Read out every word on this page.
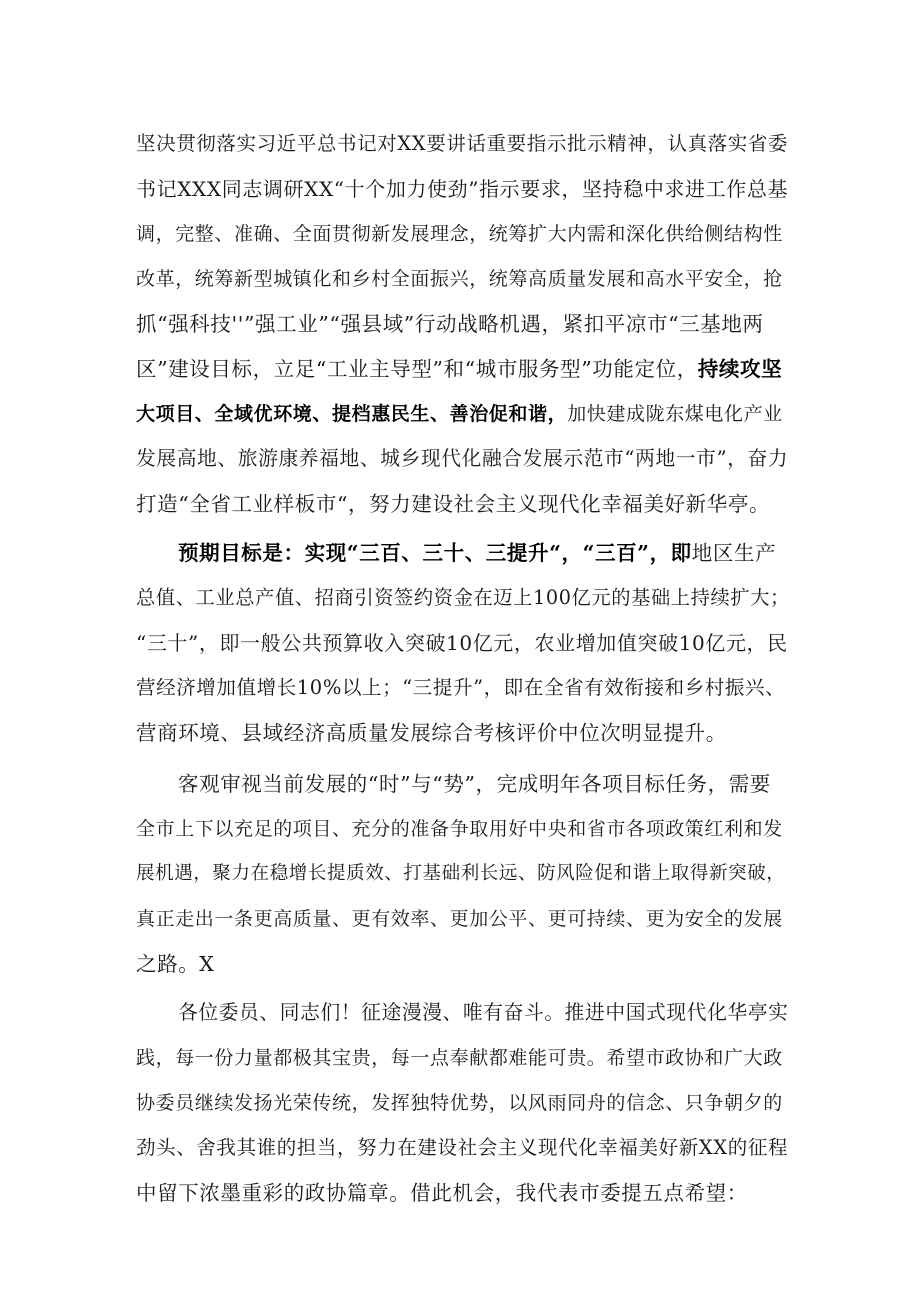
坚决贯彻落实习近平总书记对XX要讲话重要指示批示精神，认真落实省委
书记XXX同志调研XX“十个加力使劲”指示要求，坚持稳中求进工作总基
调，完整、准确、全面贯彻新发展理念，统筹扩大内需和深化供给侧结构性
改革，统筹新型城镇化和乡村全面振兴，统筹高质量发展和高水平安全，抢
抓“强科技''”强工业”“强县域”行动战略机遇，紧扣平凉市“三基地两
区”建设目标，立足“工业主导型”和“城市服务型”功能定位，持续攻坚
大项目、全域优环境、提档惠民生、善治促和谐，加快建成陇东煤电化产业
发展高地、旅游康养福地、城乡现代化融合发展示范市“两地一市”，奋力
打造“全省工业样板市“，努力建设社会主义现代化幸福美好新华亭。
预期目标是：实现“三百、三十、三提升“，“三百”，即地区生产
总值、工业总产值、招商引资签约资金在迈上100亿元的基础上持续扩大；
“三十”，即一般公共预算收入突破10亿元，农业增加值突破10亿元，民
营经济增加值增长10%以上；“三提升”，即在全省有效衔接和乡村振兴、
营商环境、县域经济高质量发展综合考核评价中位次明显提升。
客观审视当前发展的“时”与“势”，完成明年各项目标任务，需要
全市上下以充足的项目、充分的准备争取用好中央和省市各项政策红利和发
展机遇，聚力在稳增长提质效、打基础利长远、防风险促和谐上取得新突破，
真正走出一条更高质量、更有效率、更加公平、更可持续、更为安全的发展
之路。X
各位委员、同志们！征途漫漫、唯有奋斗。推进中国式现代化华亭实
践，每一份力量都极其宝贵，每一点奉献都难能可贵。希望市政协和广大政
协委员继续发扬光荣传统，发挥独特优势，以风雨同舟的信念、只争朝夕的
劲头、舍我其谁的担当，努力在建设社会主义现代化幸福美好新XX的征程
中留下浓墨重彩的政协篇章。借此机会，我代表市委提五点希望：
